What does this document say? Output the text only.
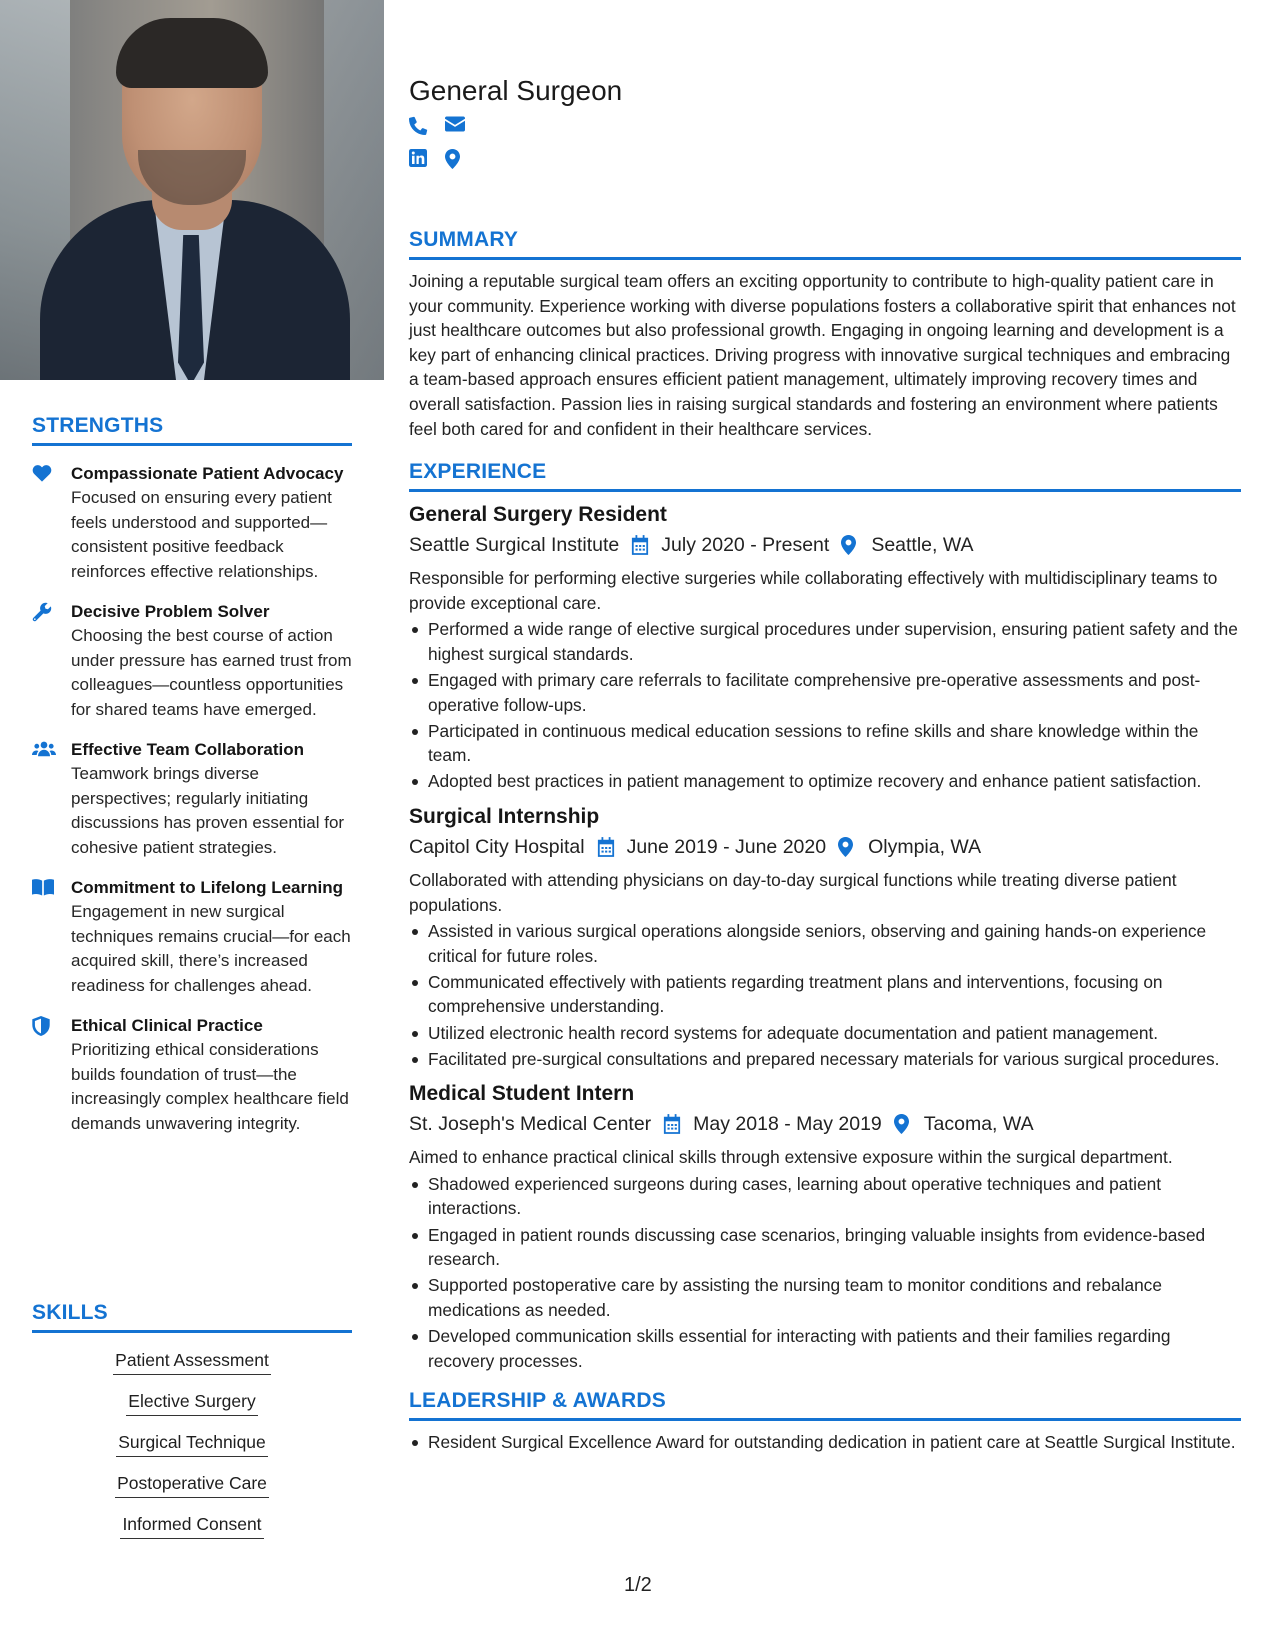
STRENGTHS
Compassionate Patient Advocacy
Focused on ensuring every patient feels understood and supported—consistent positive feedback reinforces effective relationships.
Decisive Problem Solver
Choosing the best course of action under pressure has earned trust from colleagues—countless opportunities for shared teams have emerged.
Effective Team Collaboration
Teamwork brings diverse perspectives; regularly initiating discussions has proven essential for cohesive patient strategies.
Commitment to Lifelong Learning
Engagement in new surgical techniques remains crucial—for each acquired skill, there’s increased readiness for challenges ahead.
Ethical Clinical Practice
Prioritizing ethical considerations builds foundation of trust—the increasingly complex healthcare field demands unwavering integrity.
SKILLS
Patient Assessment
Elective Surgery
Surgical Technique
Postoperative Care
Informed Consent
General Surgeon
SUMMARY
Joining a reputable surgical team offers an exciting opportunity to contribute to high-quality patient care in your community. Experience working with diverse populations fosters a collaborative spirit that enhances not just healthcare outcomes but also professional growth. Engaging in ongoing learning and development is a key part of enhancing clinical practices. Driving progress with innovative surgical techniques and embracing a team-based approach ensures efficient patient management, ultimately improving recovery times and overall satisfaction. Passion lies in raising surgical standards and fostering an environment where patients feel both cared for and confident in their healthcare services.
EXPERIENCE
General Surgery Resident
Seattle Surgical Institute July 2020 - Present Seattle, WA
Responsible for performing elective surgeries while collaborating effectively with multidisciplinary teams to provide exceptional care.
Performed a wide range of elective surgical procedures under supervision, ensuring patient safety and the highest surgical standards.
Engaged with primary care referrals to facilitate comprehensive pre-operative assessments and post-operative follow-ups.
Participated in continuous medical education sessions to refine skills and share knowledge within the team.
Adopted best practices in patient management to optimize recovery and enhance patient satisfaction.
Surgical Internship
Capitol City Hospital June 2019 - June 2020 Olympia, WA
Collaborated with attending physicians on day-to-day surgical functions while treating diverse patient populations.
Assisted in various surgical operations alongside seniors, observing and gaining hands-on experience critical for future roles.
Communicated effectively with patients regarding treatment plans and interventions, focusing on comprehensive understanding.
Utilized electronic health record systems for adequate documentation and patient management.
Facilitated pre-surgical consultations and prepared necessary materials for various surgical procedures.
Medical Student Intern
St. Joseph's Medical Center May 2018 - May 2019 Tacoma, WA
Aimed to enhance practical clinical skills through extensive exposure within the surgical department.
Shadowed experienced surgeons during cases, learning about operative techniques and patient interactions.
Engaged in patient rounds discussing case scenarios, bringing valuable insights from evidence-based research.
Supported postoperative care by assisting the nursing team to monitor conditions and rebalance medications as needed.
Developed communication skills essential for interacting with patients and their families regarding recovery processes.
LEADERSHIP & AWARDS
Resident Surgical Excellence Award for outstanding dedication in patient care at Seattle Surgical Institute.
1/2
